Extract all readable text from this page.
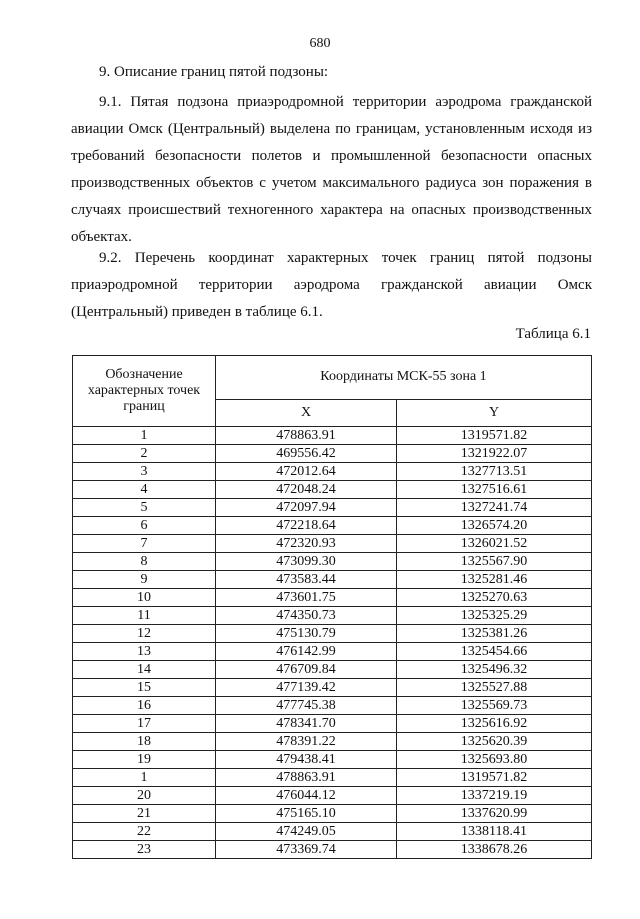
680
9. Описание границ пятой подзоны:

9.1. Пятая подзона приаэродромной территории аэродрома гражданской авиации Омск (Центральный) выделена по границам, установленным исходя из требований безопасности полетов и промышленной безопасности опасных производственных объектов с учетом максимального радиуса зон поражения в случаях происшествий техногенного характера на опасных производственных объектах.

9.2. Перечень координат характерных точек границ пятой подзоны приаэродромной территории аэродрома гражданской авиации Омск (Центральный) приведен в таблице 6.1.

Таблица 6.1
Обозначение характерных точек границ	Координаты МСК-55 зона 1	
	X	Y
1	478863.91	1319571.82
2	469556.42	1321922.07
3	472012.64	1327713.51
4	472048.24	1327516.61
5	472097.94	1327241.74
6	472218.64	1326574.20
7	472320.93	1326021.52
8	473099.30	1325567.90
9	473583.44	1325281.46
10	473601.75	1325270.63
11	474350.73	1325325.29
12	475130.79	1325381.26
13	476142.99	1325454.66
14	476709.84	1325496.32
15	477139.42	1325527.88
16	477745.38	1325569.73
17	478341.70	1325616.92
18	478391.22	1325620.39
19	479438.41	1325693.80
1	478863.91	1319571.82
20	476044.12	1337219.19
21	475165.10	1337620.99
22	474249.05	1338118.41
23	473369.74	1338678.26
